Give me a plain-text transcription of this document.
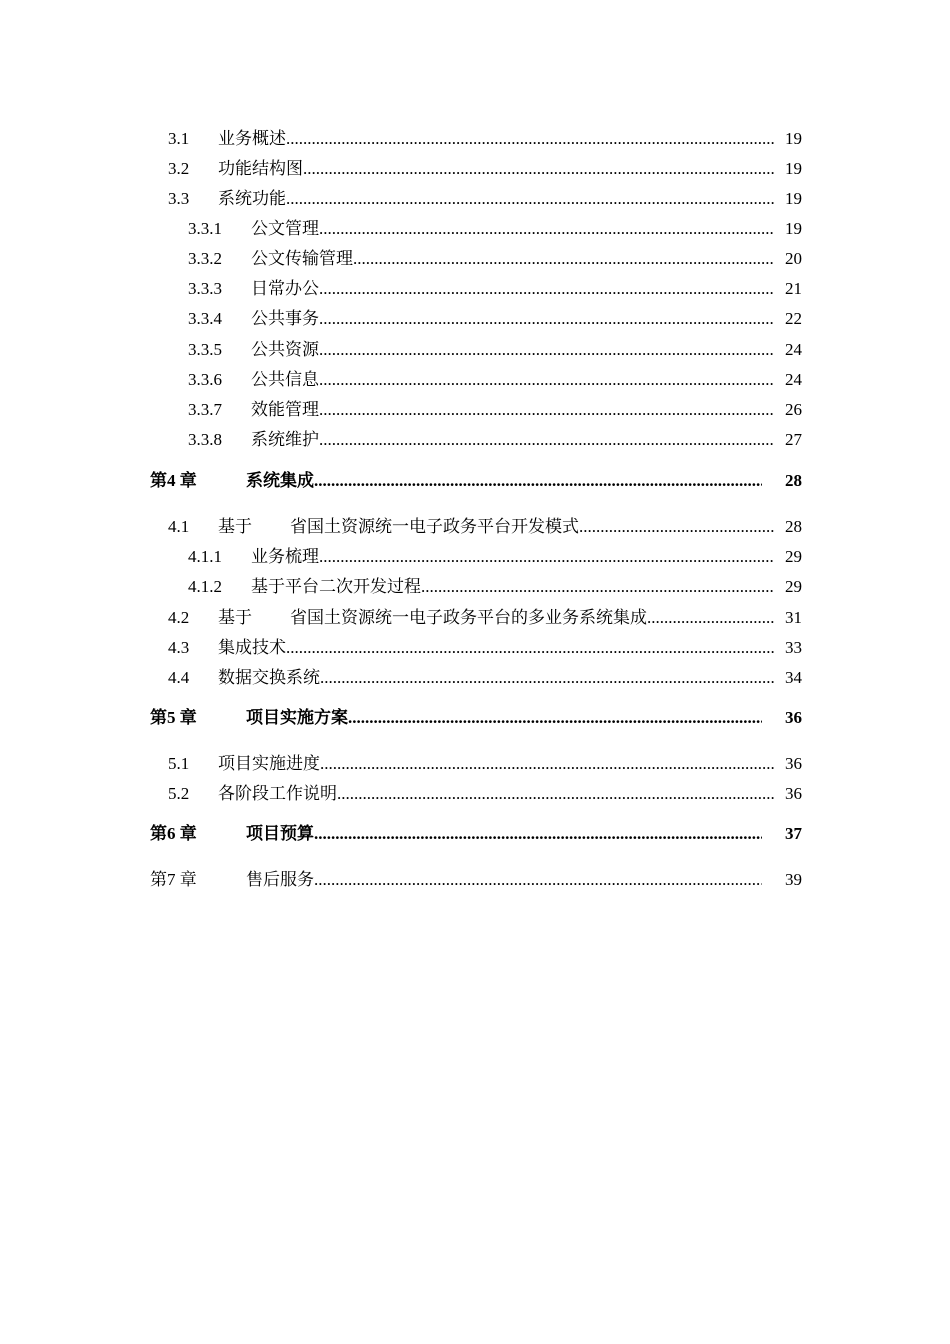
3.1	业务概述 .....	19
3.2	功能结构图 .....	19
3.3	系统功能 .....	19
3.3.1	公文管理 .....	19
3.3.2	公文传输管理 .....	20
3.3.3	日常办公 .....	21
3.3.4	公共事务 .....	22
3.3.5	公共资源 .....	24
3.3.6	公共信息 .....	24
3.3.7	效能管理 .....	26
3.3.8	系统维护 .....	27
第4 章	系统集成 .....	28
4.1	基于 省国土资源统一电子政务平台开发模式 .....	28
4.1.1	业务梳理 .....	29
4.1.2	基于平台二次开发过程 .....	29
4.2	基于 省国土资源统一电子政务平台的多业务系统集成 .....	31
4.3	集成技术 .....	33
4.4	数据交换系统 .....	34
第5 章	项目实施方案 .....	36
5.1	项目实施进度 .....	36
5.2	各阶段工作说明 .....	36
第6 章	项目预算 .....	37
第7 章	售后服务 .....	39
